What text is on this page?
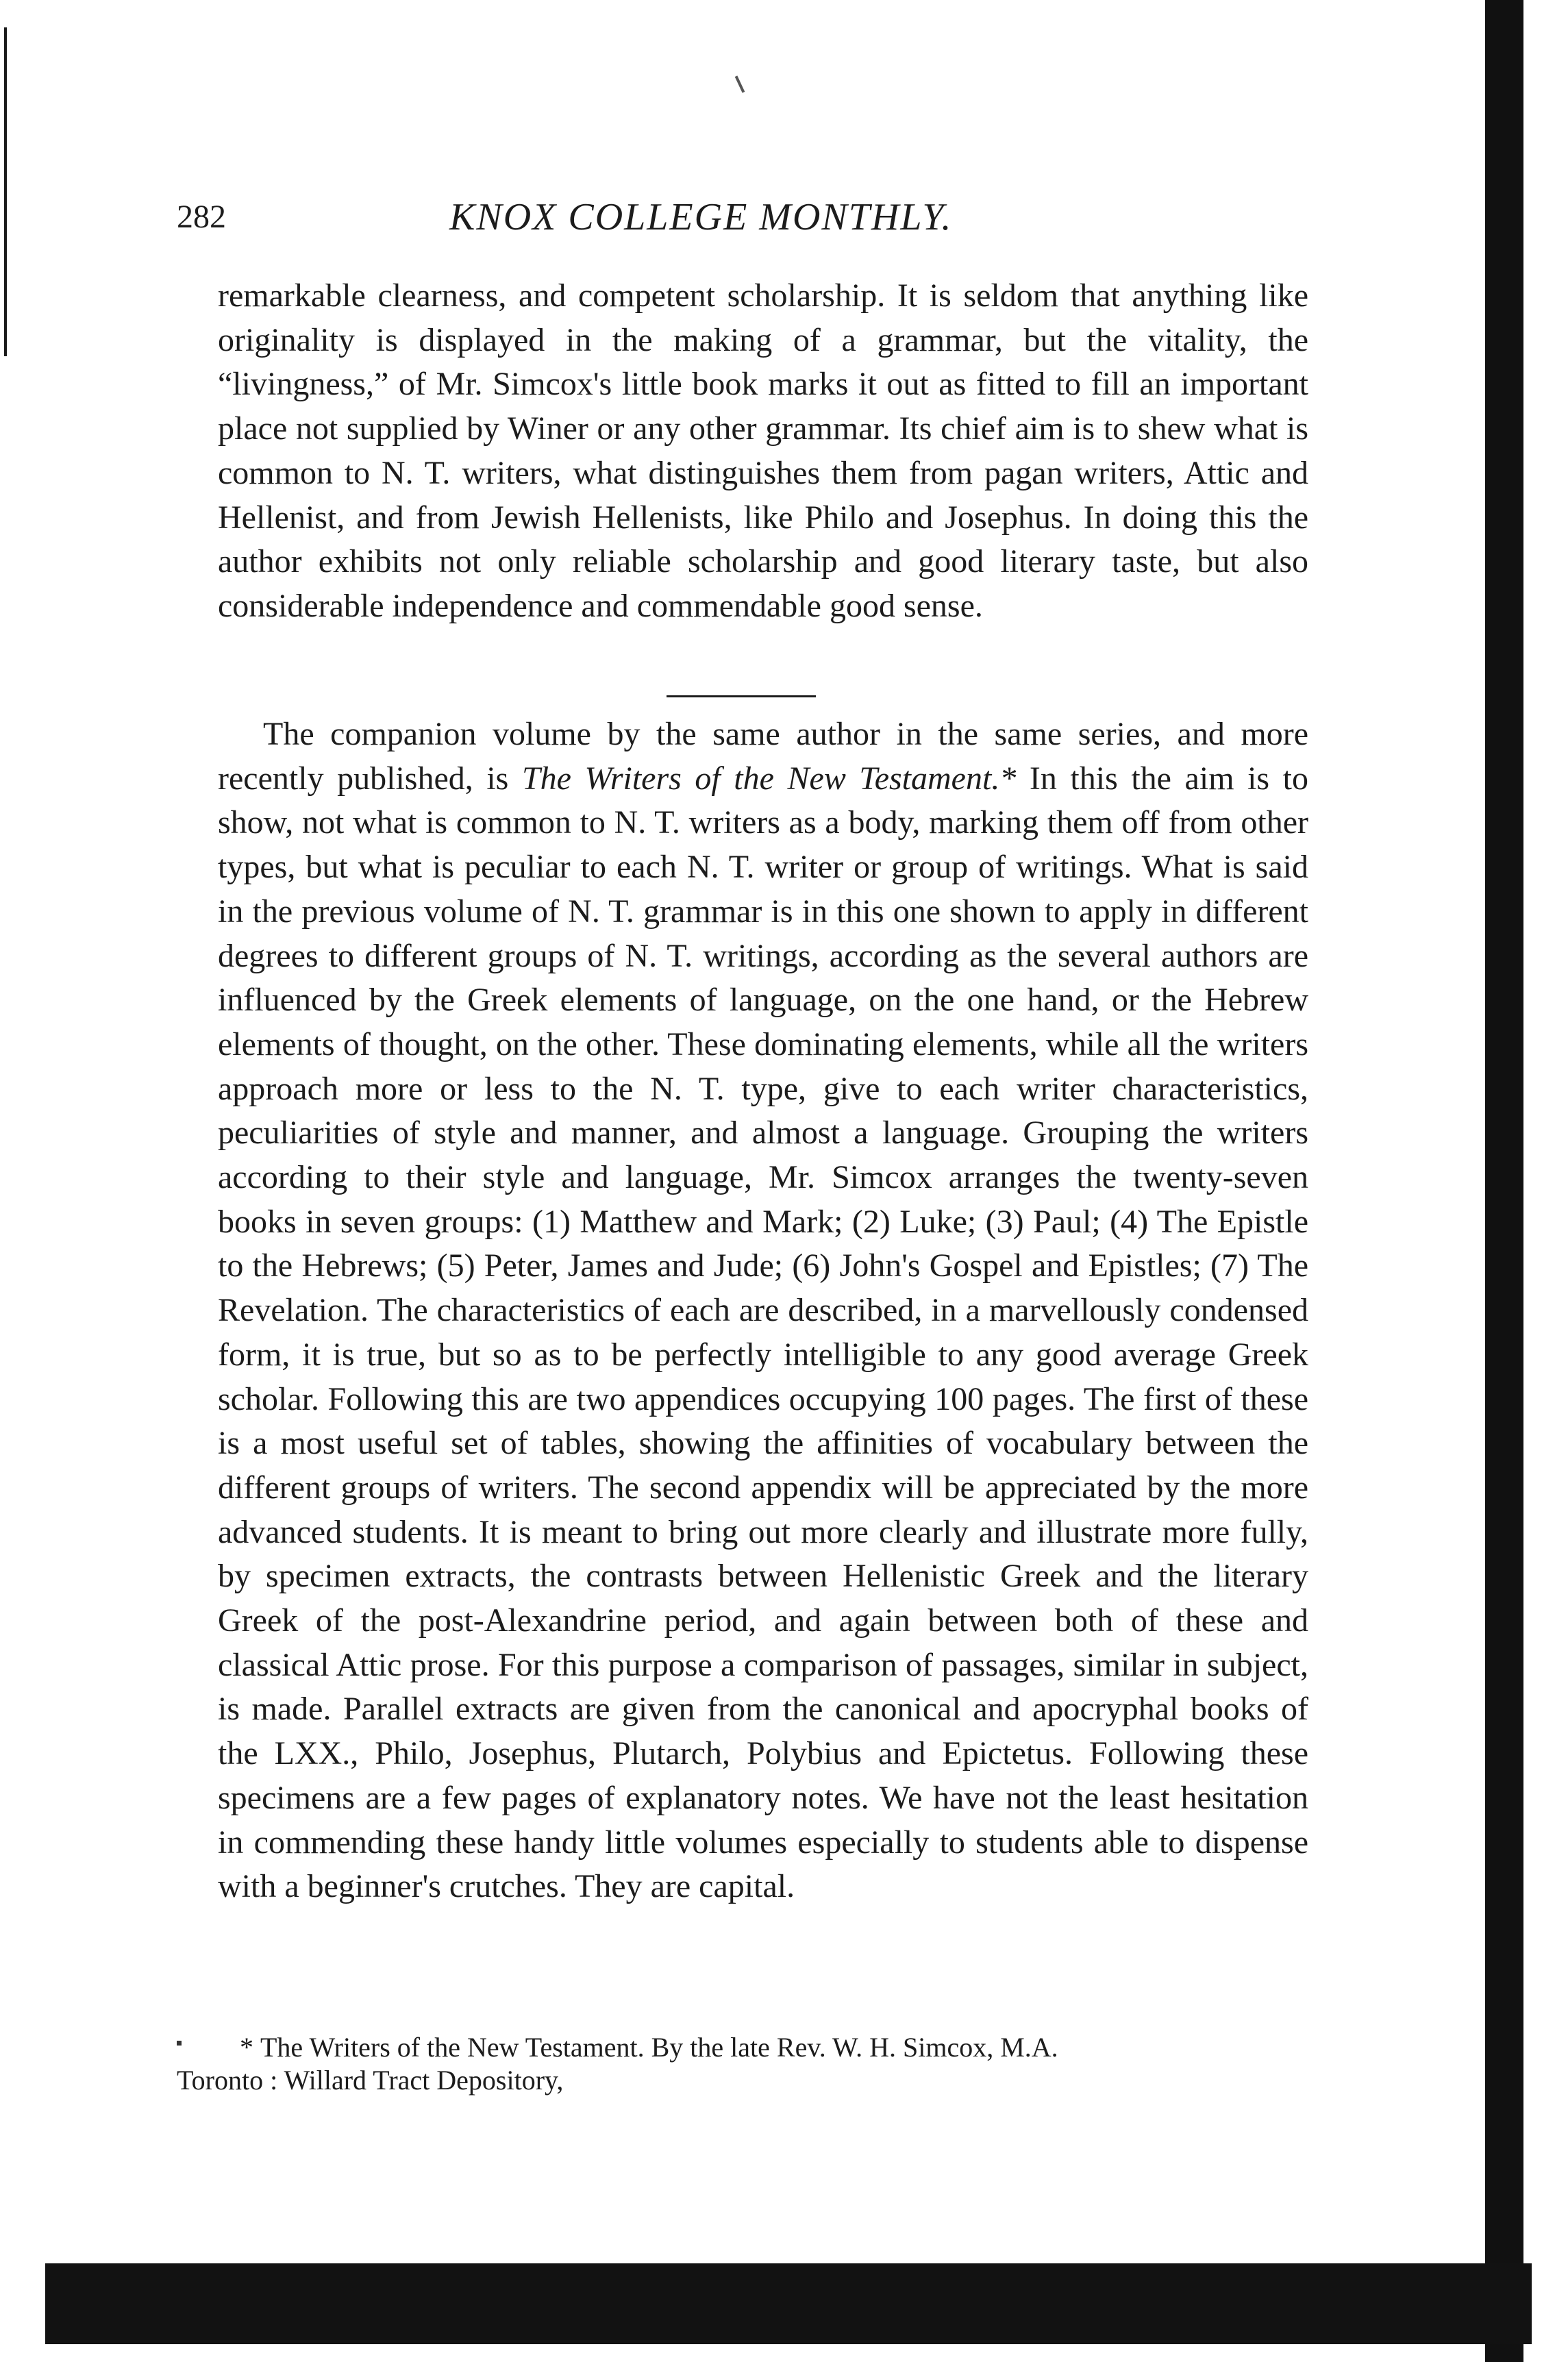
282	KNOX COLLEGE MONTHLY.

remarkable clearness, and competent scholarship. It is seldom that anything like originality is displayed in the making of a grammar, but the vitality, the “livingness,” of Mr. Simcox's little book marks it out as fitted to fill an important place not supplied by Winer or any other grammar. Its chief aim is to shew what is common to N. T. writers, what distinguishes them from pagan writers, Attic and Hellenist, and from Jewish Hellenists, like Philo and Josephus. In doing this the author exhibits not only reliable scholarship and good literary taste, but also considerable independence and commendable good sense.

The companion volume by the same author in the same series, and more recently published, is The Writers of the New Testament.* In this the aim is to show, not what is common to N. T. writers as a body, marking them off from other types, but what is peculiar to each N. T. writer or group of writings. What is said in the previous volume of N. T. grammar is in this one shown to apply in different degrees to different groups of N. T. writings, according as the several authors are influenced by the Greek elements of language, on the one hand, or the Hebrew elements of thought, on the other. These dominating elements, while all the writers approach more or less to the N. T. type, give to each writer characteristics, peculiarities of style and manner, and almost a language. Grouping the writers according to their style and language, Mr. Simcox arranges the twenty-seven books in seven groups: (1) Matthew and Mark; (2) Luke; (3) Paul; (4) The Epistle to the Hebrews; (5) Peter, James and Jude; (6) John's Gospel and Epistles; (7) The Revelation. The characteristics of each are described, in a marvellously condensed form, it is true, but so as to be perfectly intelligible to any good average Greek scholar. Following this are two appendices occupying 100 pages. The first of these is a most useful set of tables, showing the affinities of vocabulary between the different groups of writers. The second appendix will be appreciated by the more advanced students. It is meant to bring out more clearly and illustrate more fully, by specimen extracts, the contrasts between Hellenistic Greek and the literary Greek of the post-Alexandrine period, and again between both of these and classical Attic prose. For this purpose a comparison of passages, similar in subject, is made. Parallel extracts are given from the canonical and apocryphal books of the LXX., Philo, Josephus, Plutarch, Polybius and Epictetus. Following these specimens are a few pages of explanatory notes. We have not the least hesitation in commending these handy little volumes especially to students able to dispense with a beginner's crutches. They are capital.

* The Writers of the New Testament. By the late Rev. W. H. Simcox, M.A.
Toronto : Willard Tract Depository,
